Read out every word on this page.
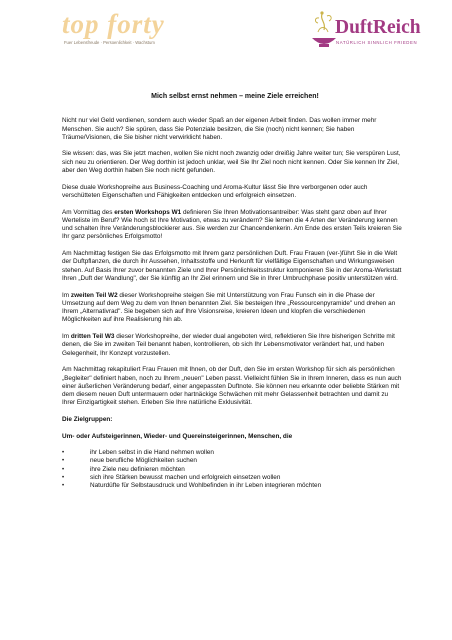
top forty
Fuer Lebensfreude · Persoenlichkeit · Wachstum
DuftReich
NATÜRLICH SINNLICH FRIEDEN
Mich selbst ernst nehmen – meine Ziele erreichen!

Nicht nur viel Geld verdienen, sondern auch wieder Spaß an der eigenen Arbeit finden. Das wollen immer mehr Menschen. Sie auch? Sie spüren, dass Sie Potenziale besitzen, die Sie (noch) nicht kennen; Sie haben Träume/Visionen, die Sie bisher nicht verwirklicht haben.

Sie wissen: das, was Sie jetzt machen, wollen Sie nicht noch zwanzig oder dreißig Jahre weiter tun; Sie verspüren Lust, sich neu zu orientieren. Der Weg dorthin ist jedoch unklar, weil Sie Ihr Ziel noch nicht kennen. Oder Sie kennen Ihr Ziel, aber den Weg dorthin haben Sie noch nicht gefunden.

Diese duale Workshopreihe aus Business-Coaching und Aroma-Kultur lässt Sie Ihre verborgenen oder auch verschütteten Eigenschaften und Fähigkeiten entdecken und erfolgreich einsetzen.

Am Vormittag des ersten Workshops W1 definieren Sie Ihren Motivationsantreiber: Was steht ganz oben auf Ihrer Werteliste im Beruf? Wie hoch ist Ihre Motivation, etwas zu verändern? Sie lernen die 4 Arten der Veränderung kennen und schalten Ihre Veränderungsblockierer aus. Sie werden zur Chancendenkerin. Am Ende des ersten Teils kreieren Sie Ihr ganz persönliches Erfolgsmotto!

Am Nachmittag festigen Sie das Erfolgsmotto mit Ihrem ganz persönlichen Duft. Frau Frauen (ver-)führt Sie in die Welt der Duftpflanzen, die durch ihr Aussehen, Inhaltsstoffe und Herkunft für vielfältige Eigenschaften und Wirkungsweisen stehen. Auf Basis Ihrer zuvor benannten Ziele und Ihrer Persönlichkeitsstruktur komponieren Sie in der Aroma-Werkstatt Ihren „Duft der Wandlung", der Sie künftig an Ihr Ziel erinnern und Sie in Ihrer Umbruchphase positiv unterstützen wird.

Im zweiten Teil W2 dieser Workshopreihe steigen Sie mit Unterstützung von Frau Funsch ein in die Phase der Umsetzung auf dem Weg zu dem von Ihnen benannten Ziel. Sie besteigen Ihre „Ressourcenpyramide" und drehen an Ihrem „Alternativrad". Sie begeben sich auf Ihre Visionsreise, kreieren Ideen und klopfen die verschiedenen Möglichkeiten auf ihre Realisierung hin ab.

Im dritten Teil W3 dieser Workshopreihe, der wieder dual angeboten wird, reflektieren Sie Ihre bisherigen Schritte mit denen, die Sie im zweiten Teil benannt haben, kontrollieren, ob sich Ihr Lebensmotivator verändert hat, und haben Gelegenheit, Ihr Konzept vorzustellen.

Am Nachmittag rekapituliert Frau Frauen mit Ihnen, ob der Duft, den Sie im ersten Workshop für sich als persönlichen „Begleiter" definiert haben, noch zu Ihrem „neuen" Leben passt. Vielleicht fühlen Sie in Ihrem Inneren, dass es nun auch einer äußerlichen Veränderung bedarf, einer angepassten Duftnote. Sie können neu erkannte oder beliebte Stärken mit dem diesem neuen Duft untermauern oder hartnäckige Schwächen mit mehr Gelassenheit betrachten und damit zu Ihrer Einzigartigkeit stehen. Erleben Sie Ihre natürliche Exklusivität.

Die Zielgruppen:

Um- oder Aufsteigerinnen, Wieder- und Quereinsteigerinnen, Menschen, die

•	ihr Leben selbst in die Hand nehmen wollen
•	neue berufliche Möglichkeiten suchen
•	ihre Ziele neu definieren möchten
•	sich ihre Stärken bewusst machen und erfolgreich einsetzen wollen
•	Naturdüfte für Selbstausdruck und Wohlbefinden in ihr Leben integrieren möchten
